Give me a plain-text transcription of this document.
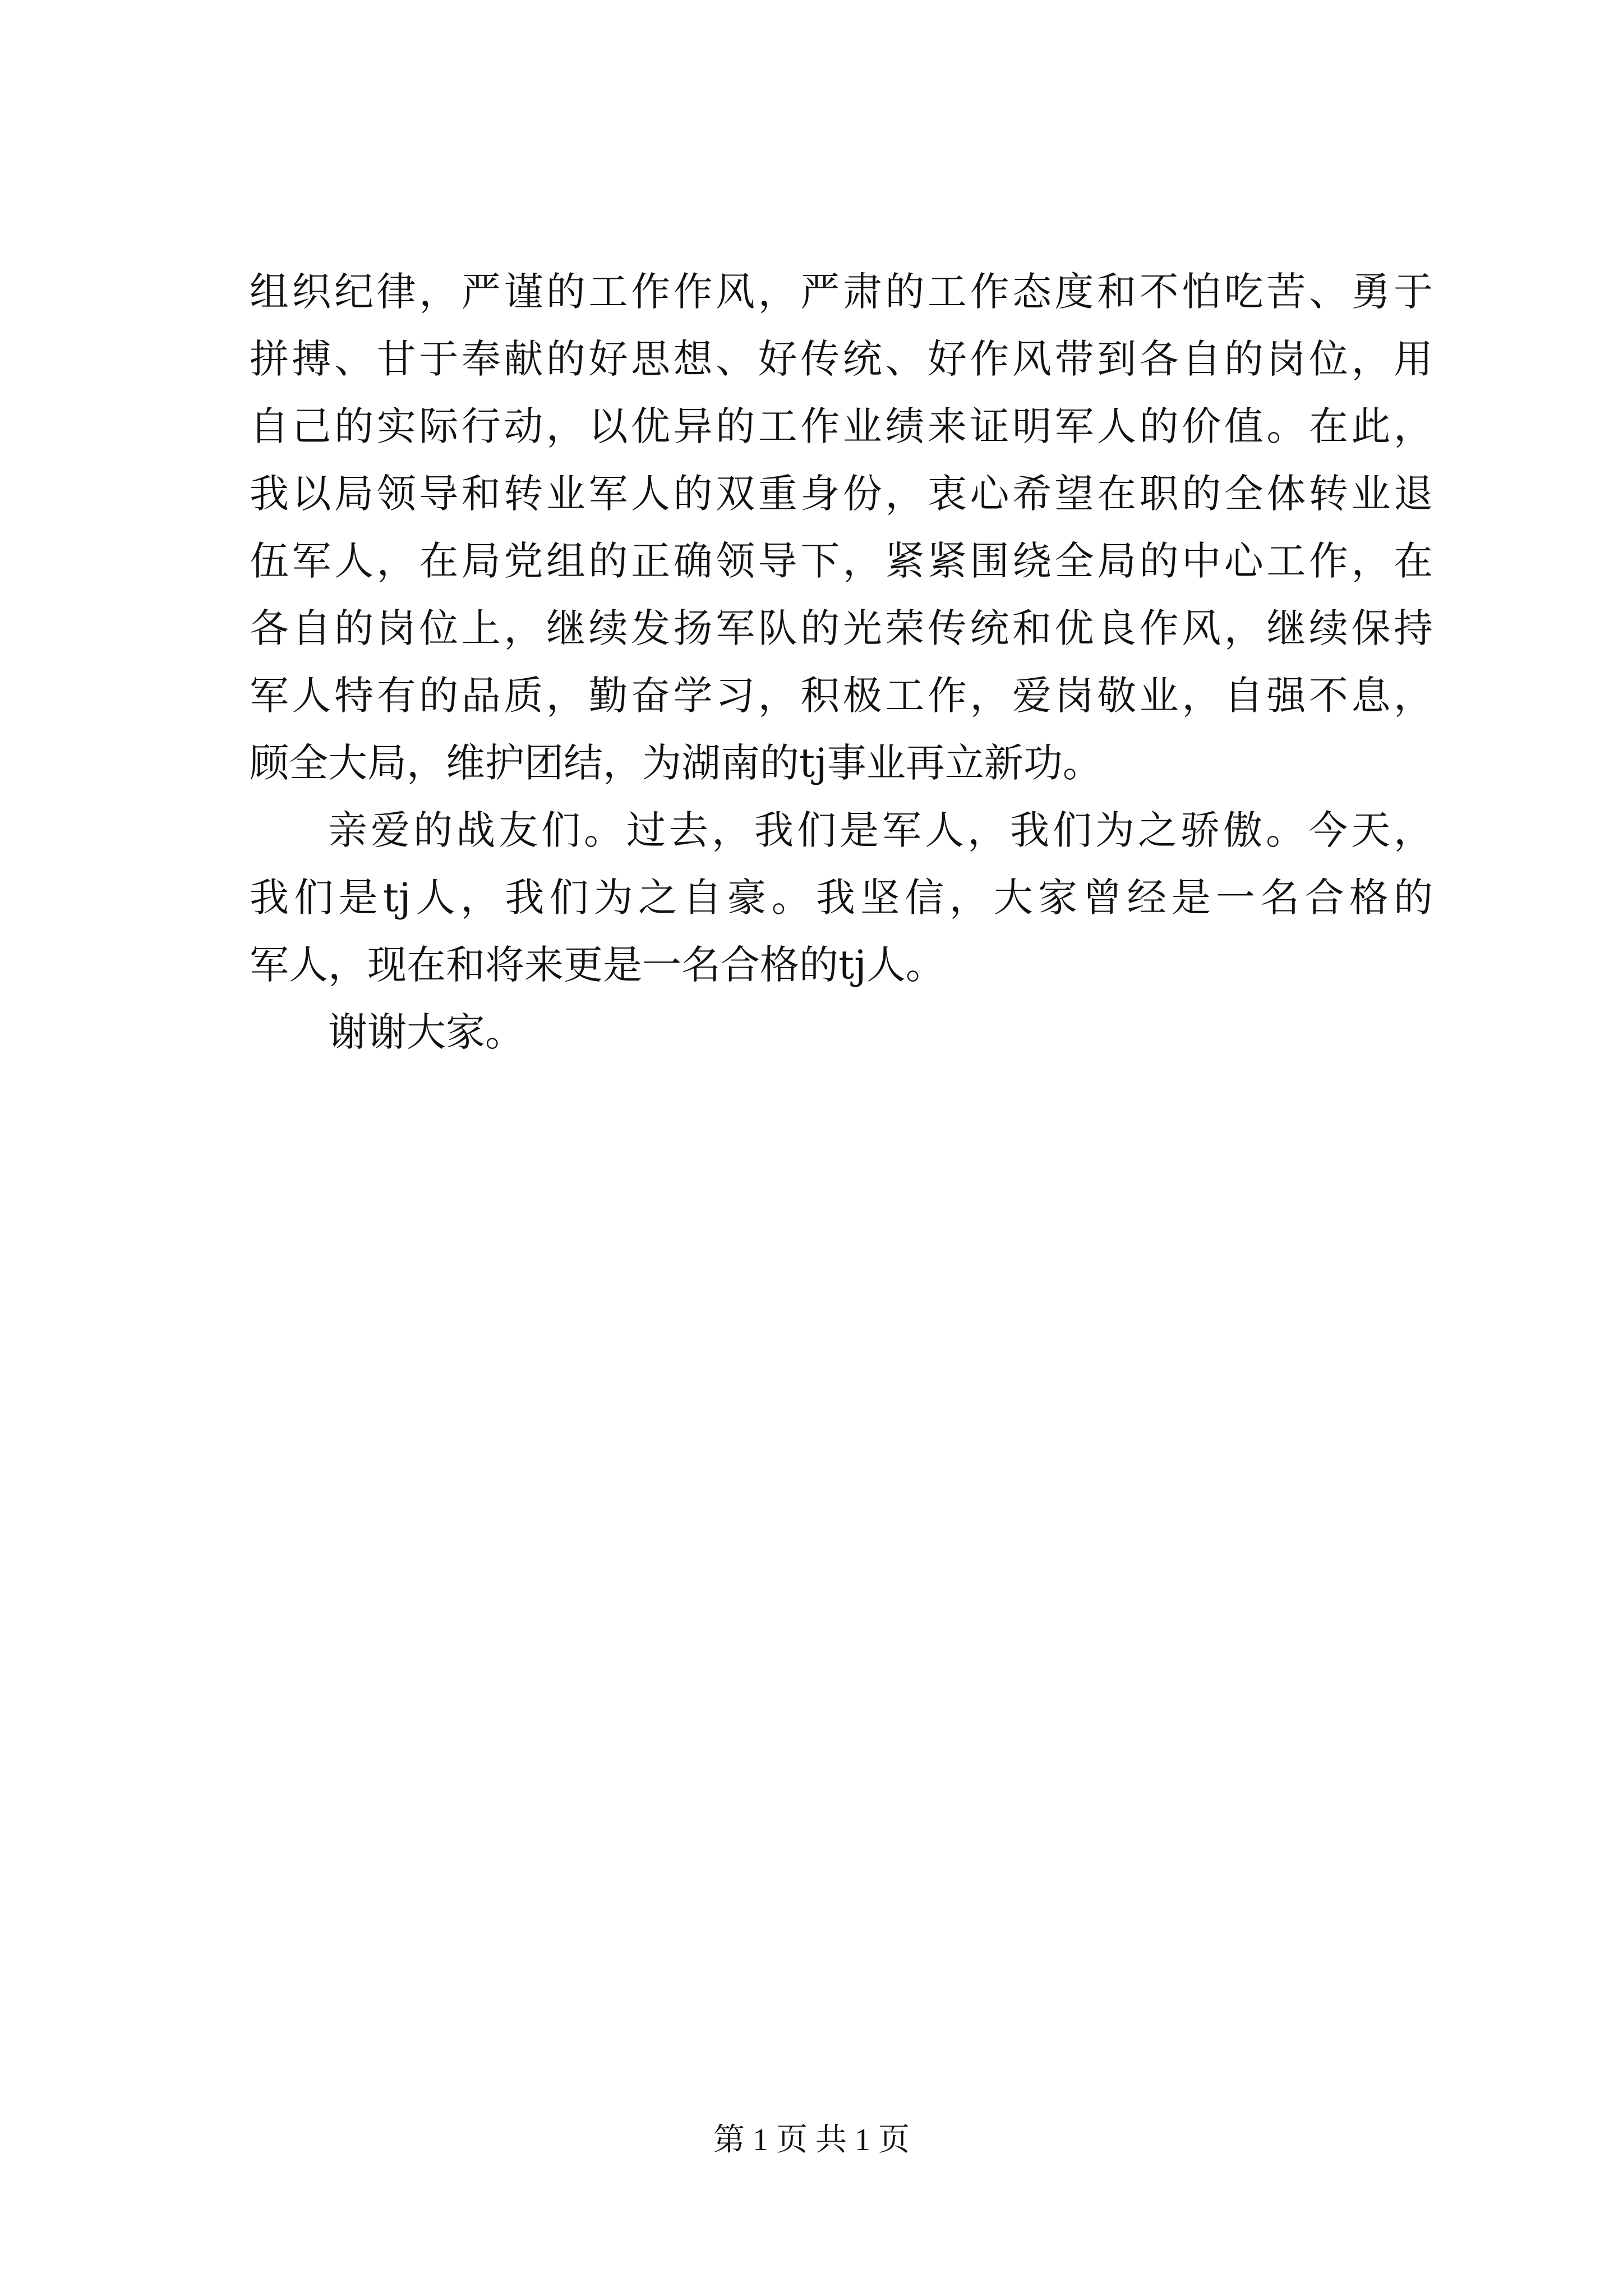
组织纪律，严谨的工作作风，严肃的工作态度和不怕吃苦、勇于
拼搏、甘于奉献的好思想、好传统、好作风带到各自的岗位，用
自己的实际行动，以优异的工作业绩来证明军人的价值。在此，
我以局领导和转业军人的双重身份，衷心希望在职的全体转业退
伍军人，在局党组的正确领导下，紧紧围绕全局的中心工作，在
各自的岗位上，继续发扬军队的光荣传统和优良作风，继续保持
军人特有的品质，勤奋学习，积极工作，爱岗敬业，自强不息，
顾全大局，维护团结，为湖南的tj事业再立新功。
亲爱的战友们。过去，我们是军人，我们为之骄傲。今天，
我们是tj人，我们为之自豪。我坚信，大家曾经是一名合格的
军人，现在和将来更是一名合格的tj人。
谢谢大家。
第 1 页 共 1 页
